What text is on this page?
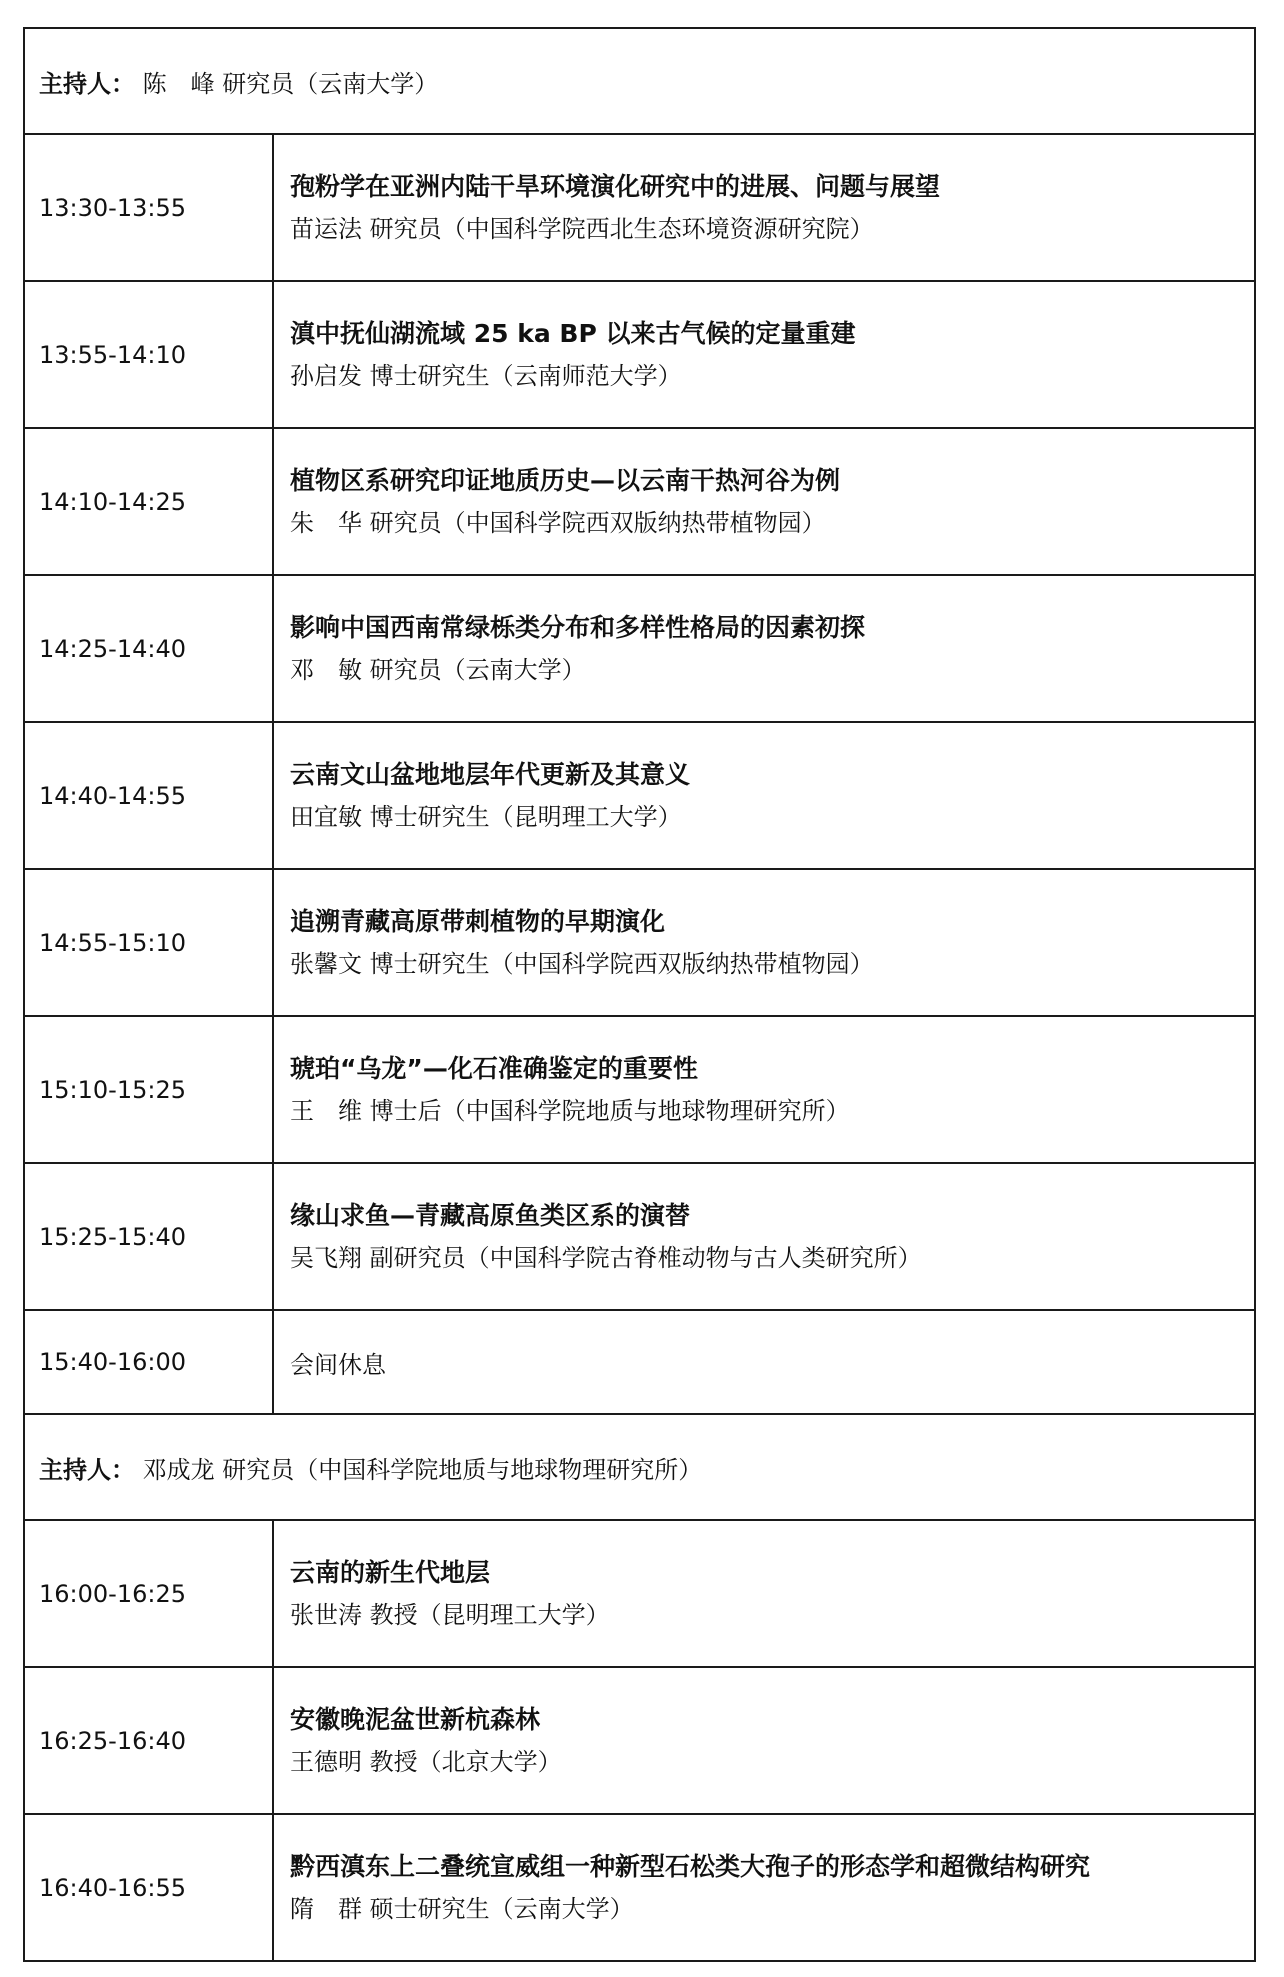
主持人： 陈　峰 研究员（云南大学）	
13:30-13:55	孢粉学在亚洲内陆干旱环境演化研究中的进展、问题与展望
苗运法 研究员（中国科学院西北生态环境资源研究院）

13:55-14:10	滇中抚仙湖流域 25 ka BP 以来古气候的定量重建
孙启发 博士研究生（云南师范大学）

14:10-14:25	植物区系研究印证地质历史—以云南干热河谷为例
朱　华 研究员（中国科学院西双版纳热带植物园）

14:25-14:40	影响中国西南常绿栎类分布和多样性格局的因素初探
邓　敏 研究员（云南大学）

14:40-14:55	云南文山盆地地层年代更新及其意义
田宜敏 博士研究生（昆明理工大学）

14:55-15:10	追溯青藏高原带刺植物的早期演化
张馨文 博士研究生（中国科学院西双版纳热带植物园）

15:10-15:25	琥珀“乌龙”—化石准确鉴定的重要性
王　维 博士后（中国科学院地质与地球物理研究所）

15:25-15:40	缘山求鱼—青藏高原鱼类区系的演替
吴飞翔 副研究员（中国科学院古脊椎动物与古人类研究所）

15:40-16:00	会间休息
主持人： 邓成龙 研究员（中国科学院地质与地球物理研究所）	
16:00-16:25	云南的新生代地层
张世涛 教授（昆明理工大学）

16:25-16:40	安徽晚泥盆世新杭森林
王德明 教授（北京大学）

16:40-16:55	黔西滇东上二叠统宣威组一种新型石松类大孢子的形态学和超微结构研究
隋　群 硕士研究生（云南大学）
